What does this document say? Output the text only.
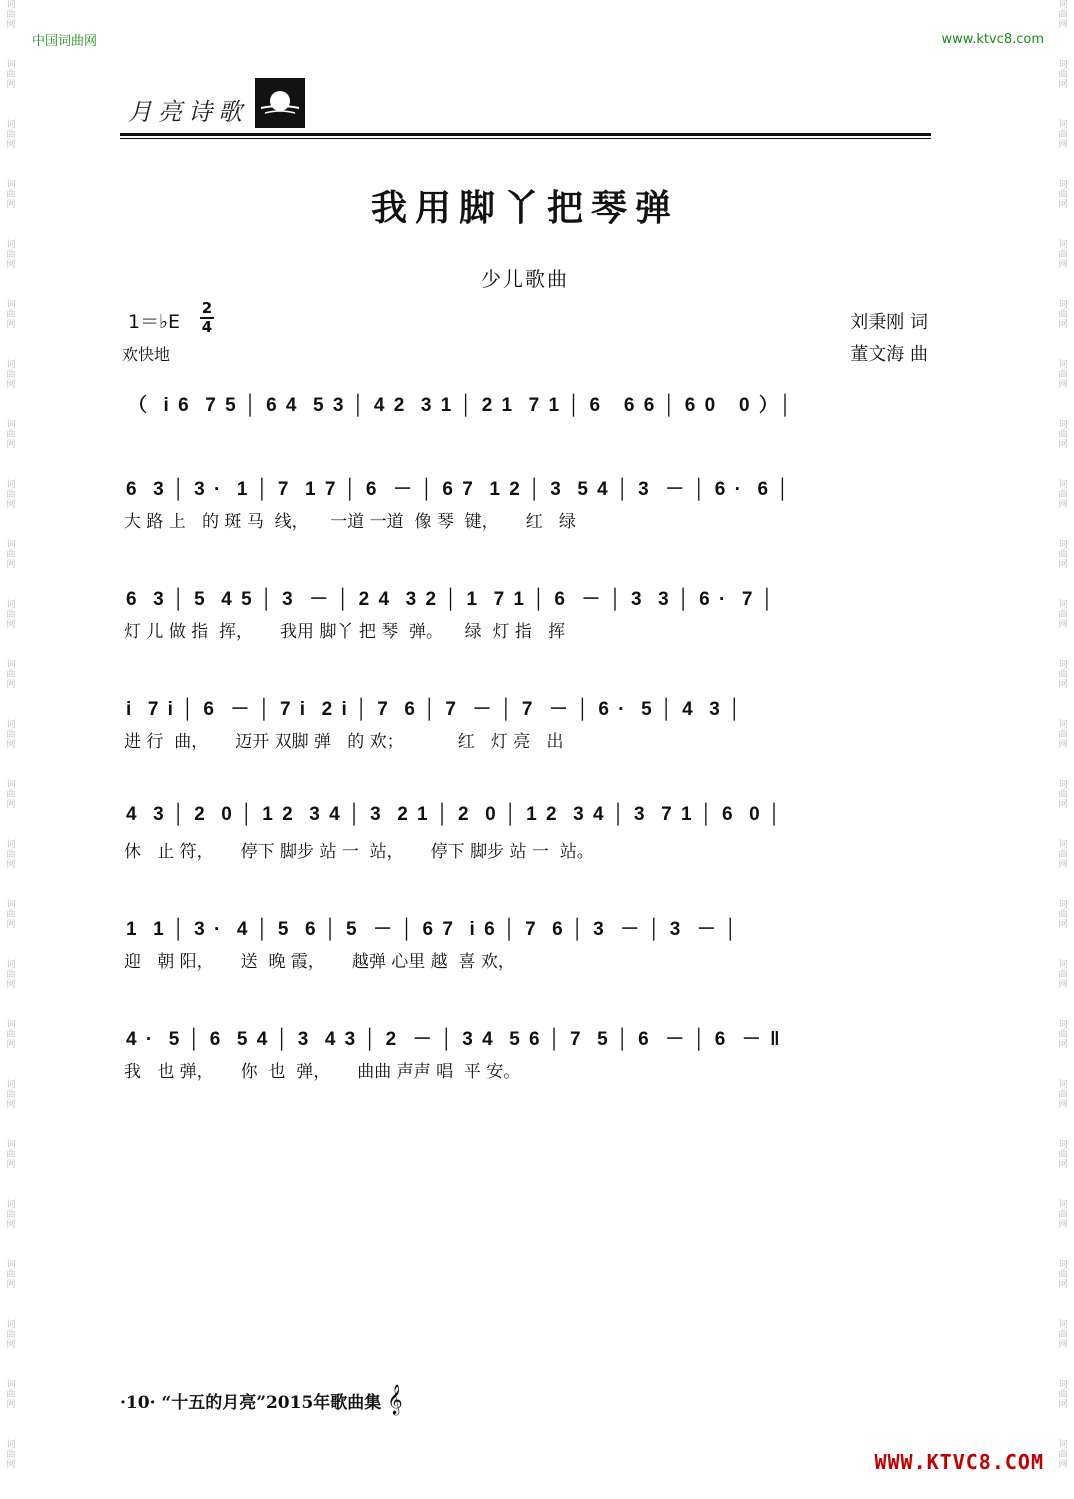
词
曲
网
词
曲
网
词
曲
网
词
曲
网
词
曲
网
词
曲
网
词
曲
网
词
曲
网
词
曲
网
词
曲
网
词
曲
网
词
曲
网
词
曲
网
词
曲
网
词
曲
网
词
曲
网
词
曲
网
词
曲
网
词
曲
网
词
曲
网
词
曲
网
词
曲
网
词
曲
网
词
曲
网
词
曲
网
词
曲
网
词
曲
网
词
曲
网
词
曲
网
词
曲
网
词
曲
网
词
曲
网
词
曲
网
词
曲
网
词
曲
网
词
曲
网
词
曲
网
词
曲
网
词
曲
网
词
曲
网
词
曲
网
词
曲
网
词
曲
网
词
曲
网
词
曲
网
词
曲
网
词
曲
网
词
曲
网
词
曲
网
词
曲
网
中国词曲网	www.ktvc8.com
月亮诗歌
我用脚丫把琴弹
少儿歌曲
1＝♭E
2
4
欢快地
刘秉刚 词
董文海 曲
（  i 6  7 5 │ 6 4  5 3 │ 4 2  3 1 │ 2 1  7 1 │ 6   6 6 │ 6 0   0 ）│
6  3 │ 3 ·  1 │ 7  1 7 │ 6  － │ 6 7  1 2 │ 3  5 4 │ 3  － │ 6 ·  6 │
大 路 上   的 斑 马  线，    一道 一道  像 琴  键，     红   绿
6  3 │ 5  4 5 │ 3  － │ 2 4  3 2 │ 1  7 1 │ 6  － │ 3  3 │ 6 ·  7 │
灯 儿 做 指  挥，     我用 脚丫 把 琴  弹。    绿  灯 指   挥
i  7 i │ 6  － │ 7 i  2 i │ 7  6 │ 7  － │ 7  － │ 6 ·  5 │ 4  3 │
进 行  曲，     迈开 双脚 弹   的 欢；          红   灯 亮   出
4  3 │ 2  0 │ 1 2  3 4 │ 3  2 1 │ 2  0 │ 1 2  3 4 │ 3  7 1 │ 6  0 │
休   止 符，     停下 脚步 站 一  站，     停下 脚步 站 一  站。
1  1 │ 3 ·  4 │ 5  6 │ 5  － │ 6 7  i 6 │ 7  6 │ 3  － │ 3  － │
迎   朝 阳，     送  晚 霞，     越弹 心里 越  喜 欢，
4 ·  5 │ 6  5 4 │ 3  4 3 │ 2  － │ 3 4  5 6 │ 7  5 │ 6  － │ 6  － ‖
我   也 弹，     你  也  弹，     曲曲 声声 唱  平 安。
·10· “十五的月亮”2015年歌曲集 𝄞
WWW.KTVC8.COM
